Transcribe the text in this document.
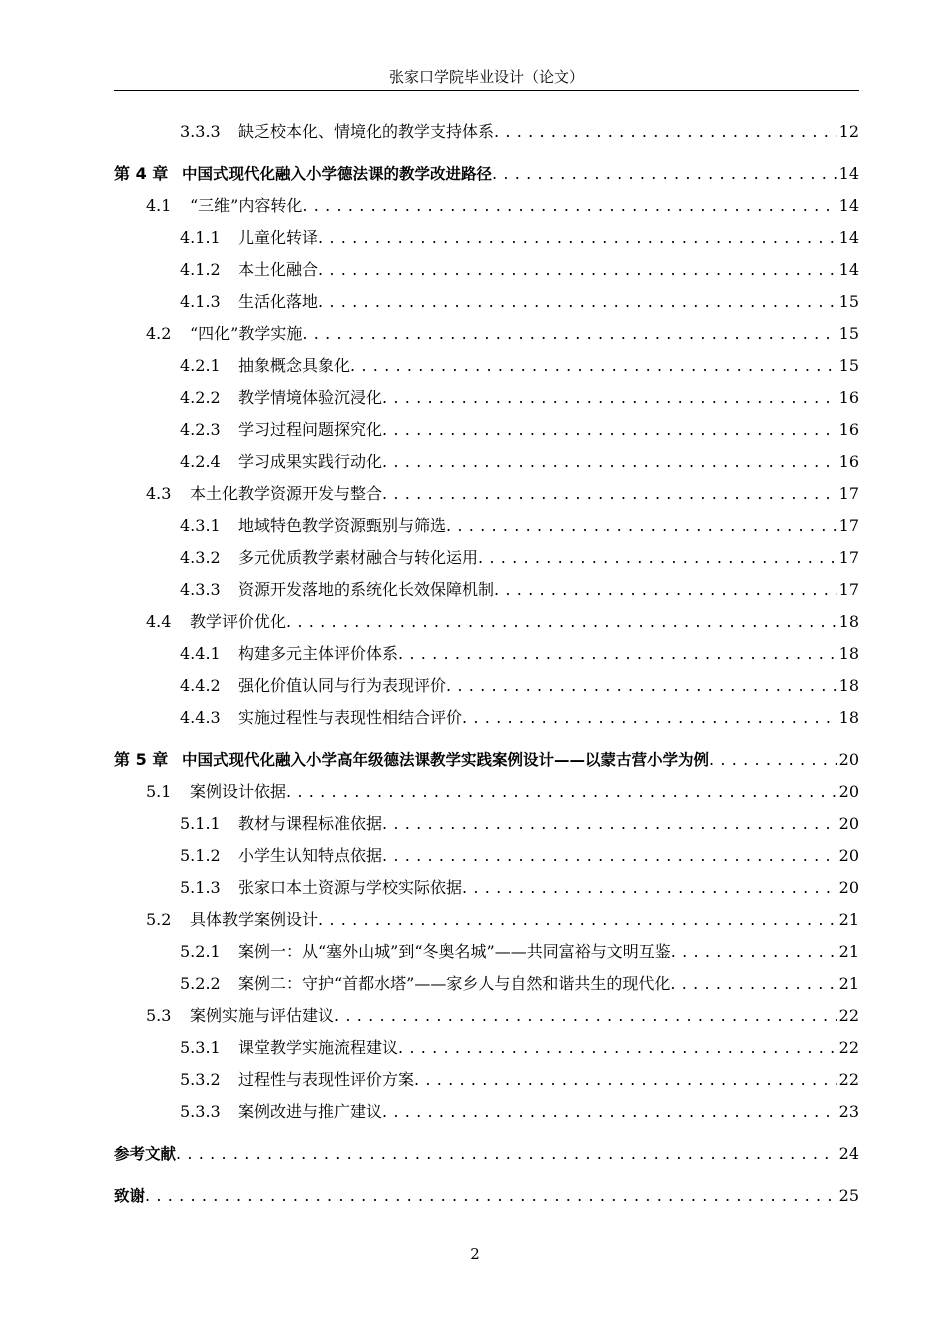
张家口学院毕业设计（论文）
3.3.3	缺乏校本化、情境化的教学支持体系 . . .	12
第 4 章 中国式现代化融入小学德法课的教学改进路径 . . .	14
4.1	“三维”内容转化 . . .	14
4.1.1	儿童化转译 . . .	14
4.1.2	本土化融合 . . .	14
4.1.3	生活化落地 . . .	15
4.2	“四化”教学实施 . . .	15
4.2.1	抽象概念具象化 . . .	15
4.2.2	教学情境体验沉浸化 . . .	16
4.2.3	学习过程问题探究化 . . .	16
4.2.4	学习成果实践行动化 . . .	16
4.3	本土化教学资源开发与整合 . . .	17
4.3.1	地域特色教学资源甄别与筛选 . . .	17
4.3.2	多元优质教学素材融合与转化运用 . . .	17
4.3.3	资源开发落地的系统化长效保障机制 . . .	17
4.4	教学评价优化 . . .	18
4.4.1	构建多元主体评价体系 . . .	18
4.4.2	强化价值认同与行为表现评价 . . .	18
4.4.3	实施过程性与表现性相结合评价 . . .	18
第 5 章 中国式现代化融入小学高年级德法课教学实践案例设计——以蒙古营小学为例 . . .	20
5.1	案例设计依据 . . .	20
5.1.1	教材与课程标准依据 . . .	20
5.1.2	小学生认知特点依据 . . .	20
5.1.3	张家口本土资源与学校实际依据 . . .	20
5.2	具体教学案例设计 . . .	21
5.2.1	案例一：从“塞外山城”到“冬奥名城”——共同富裕与文明互鉴 . . .	21
5.2.2	案例二：守护“首都水塔”——家乡人与自然和谐共生的现代化 . . .	21
5.3	案例实施与评估建议 . . .	22
5.3.1	课堂教学实施流程建议 . . .	22
5.3.2	过程性与表现性评价方案 . . .	22
5.3.3	案例改进与推广建议 . . .	23
参考文献 . . .	24
致谢 . . .	25
2
